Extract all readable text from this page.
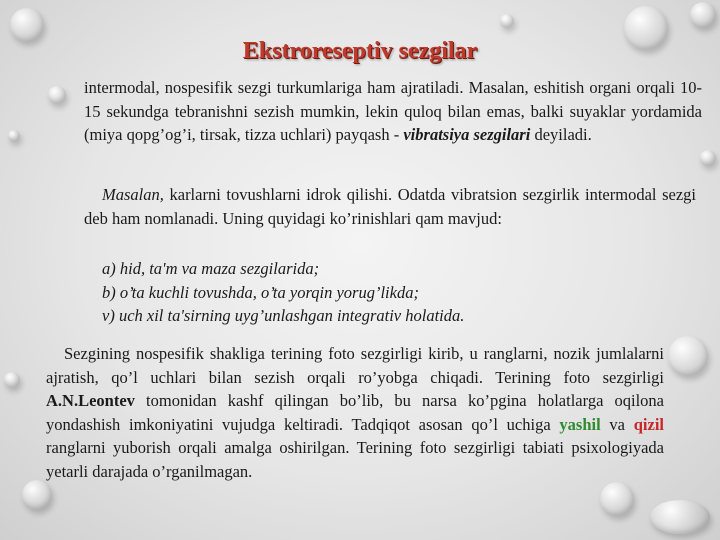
Ekstroreseptiv sezgilar
intermodal, nospesifik sezgi turkumlariga ham ajratiladi. Masalan, eshitish organi orqali 10-15 sekundga tebranishni sezish mumkin, lekin quloq bilan emas, balki suyaklar yordamida (miya qopg’og’i, tirsak, tizza uchlari) payqash - vibratsiya sezgilari deyiladi.
Masalan, karlarni tovushlarni idrok qilishi. Odatda vibratsion sezgirlik intermodal sezgi deb ham nomlanadi. Uning quyidagi ko’rinishlari qam mavjud:
a) hid, ta'm va maza sezgilarida;
b) o’ta kuchli tovushda, o’ta yorqin yorug’likda;
v) uch xil ta'sirning uyg’unlashgan integrativ holatida.
Sezgining nospesifik shakliga terining foto sezgirligi kirib, u ranglarni, nozik jumlalarni ajratish, qo’l uchlari bilan sezish orqali ro’yobga chiqadi. Terining foto sezgirligi A.N.Leontev tomonidan kashf qilingan bo’lib, bu narsa ko’pgina holatlarga oqilona yondashish imkoniyatini vujudga keltiradi. Tadqiqot asosan qo’l uchiga yashil va qizil ranglarni yuborish orqali amalga oshirilgan. Terining foto sezgirligi tabiati psixologiyada yetarli darajada o’rganilmagan.
